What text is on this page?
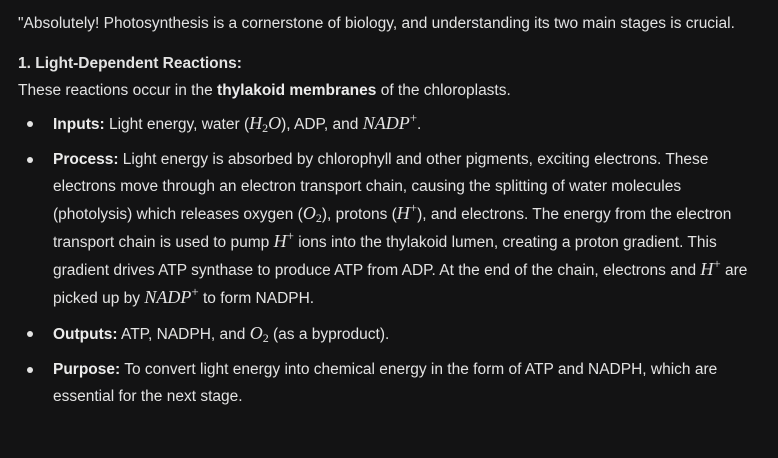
"Absolutely! Photosynthesis is a cornerstone of biology, and understanding its two main stages is crucial.

1. Light-Dependent Reactions:

These reactions occur in the thylakoid membranes of the chloroplasts.

Inputs: Light energy, water $(H_2O)$, ADP, and NADP+.
Process: Light energy is absorbed by chlorophyll and other pigments, exciting electrons. These electrons move through an electron transport chain, causing the splitting of water molecules (photolysis) which releases oxygen $(O_2)$, protons (H+), and electrons. The energy from the electron transport chain is used to pump H+ ions into the thylakoid lumen, creating a proton gradient. This gradient drives ATP synthase to produce ATP from ADP. At the end of the chain, electrons and H+ are picked up by NADP+ to form NADPH.
Outputs: ATP, NADPH, and $O_2$ (as a byproduct).
Purpose: To convert light energy into chemical energy in the form of ATP and NADPH, which are essential for the next stage.
